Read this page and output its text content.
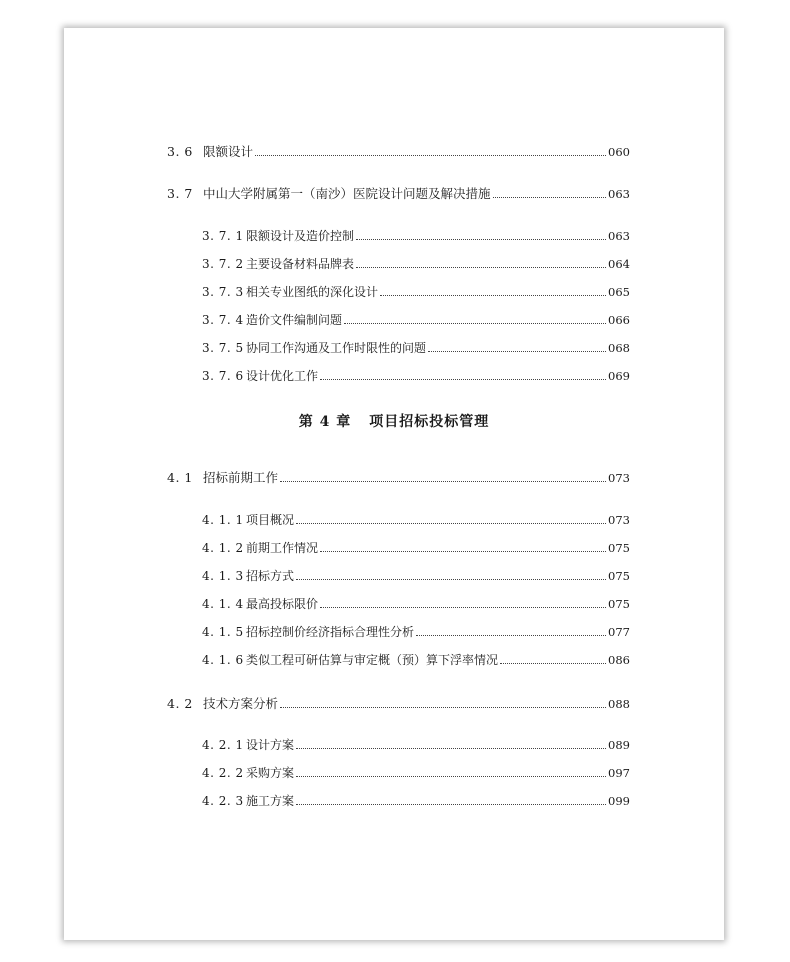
3. 6 限额设计	060
3. 7 中山大学附属第一（南沙）医院设计问题及解决措施	063
3. 7. 1 限额设计及造价控制	063
3. 7. 2 主要设备材料品牌表	064
3. 7. 3 相关专业图纸的深化设计	065
3. 7. 4 造价文件编制问题	066
3. 7. 5 协同工作沟通及工作时限性的问题	068
3. 7. 6 设计优化工作	069
第 4 章 项目招标投标管理
4. 1 招标前期工作	073
4. 1. 1 项目概况	073
4. 1. 2 前期工作情况	075
4. 1. 3 招标方式	075
4. 1. 4 最高投标限价	075
4. 1. 5 招标控制价经济指标合理性分析	077
4. 1. 6 类似工程可研估算与审定概（预）算下浮率情况	086
4. 2 技术方案分析	088
4. 2. 1 设计方案	089
4. 2. 2 采购方案	097
4. 2. 3 施工方案	099
